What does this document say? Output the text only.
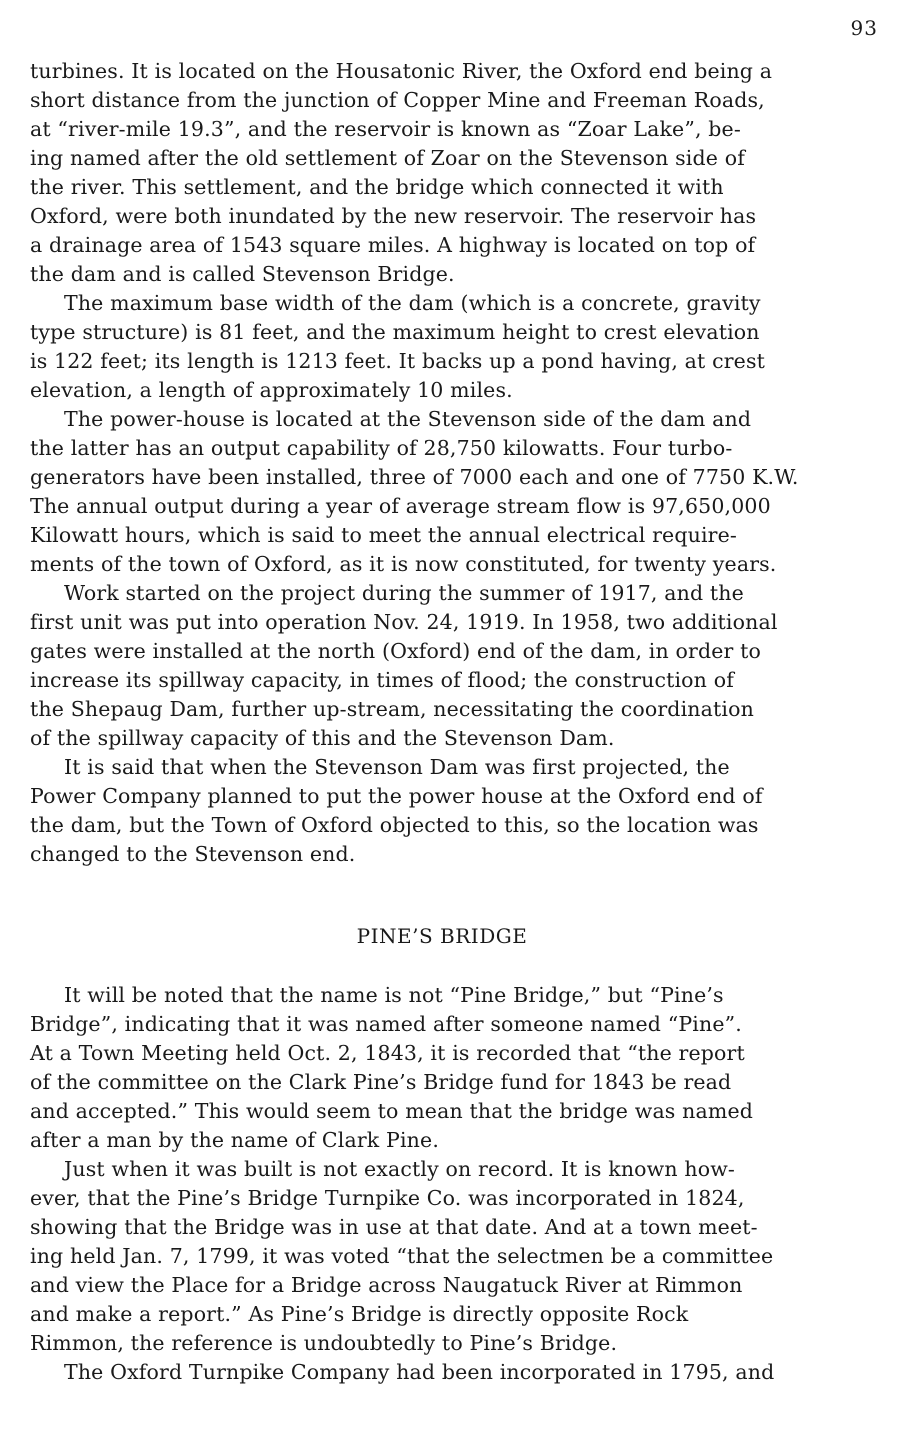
93
turbines. It is located on the Housatonic River, the Oxford end being a
short distance from the junction of Copper Mine and Freeman Roads,
at “river-mile 19.3”, and the reservoir is known as “Zoar Lake”, be-
ing named after the old settlement of Zoar on the Stevenson side of
the river. This settlement, and the bridge which connected it with
Oxford, were both inundated by the new reservoir. The reservoir has
a drainage area of 1543 square miles. A highway is located on top of
the dam and is called Stevenson Bridge.
The maximum base width of the dam (which is a concrete, gravity
type structure) is 81 feet, and the maximum height to crest elevation
is 122 feet; its length is 1213 feet. It backs up a pond having, at crest
elevation, a length of approximately 10 miles.
The power-house is located at the Stevenson side of the dam and
the latter has an output capability of 28,750 kilowatts. Four turbo-
generators have been installed, three of 7000 each and one of 7750 K.W.
The annual output during a year of average stream flow is 97,650,000
Kilowatt hours, which is said to meet the annual electrical require-
ments of the town of Oxford, as it is now constituted, for twenty years.
Work started on the project during the summer of 1917, and the
first unit was put into operation Nov. 24, 1919. In 1958, two additional
gates were installed at the north (Oxford) end of the dam, in order to
increase its spillway capacity, in times of flood; the construction of
the Shepaug Dam, further up-stream, necessitating the coordination
of the spillway capacity of this and the Stevenson Dam.
It is said that when the Stevenson Dam was first projected, the
Power Company planned to put the power house at the Oxford end of
the dam, but the Town of Oxford objected to this, so the location was
changed to the Stevenson end.
PINE’S BRIDGE
It will be noted that the name is not “Pine Bridge,” but “Pine’s
Bridge”, indicating that it was named after someone named “Pine”.
At a Town Meeting held Oct. 2, 1843, it is recorded that “the report
of the committee on the Clark Pine’s Bridge fund for 1843 be read
and accepted.” This would seem to mean that the bridge was named
after a man by the name of Clark Pine.
Just when it was built is not exactly on record. It is known how-
ever, that the Pine’s Bridge Turnpike Co. was incorporated in 1824,
showing that the Bridge was in use at that date. And at a town meet-
ing held Jan. 7, 1799, it was voted “that the selectmen be a committee
and view the Place for a Bridge across Naugatuck River at Rimmon
and make a report.” As Pine’s Bridge is directly opposite Rock
Rimmon, the reference is undoubtedly to Pine’s Bridge.
The Oxford Turnpike Company had been incorporated in 1795, and
